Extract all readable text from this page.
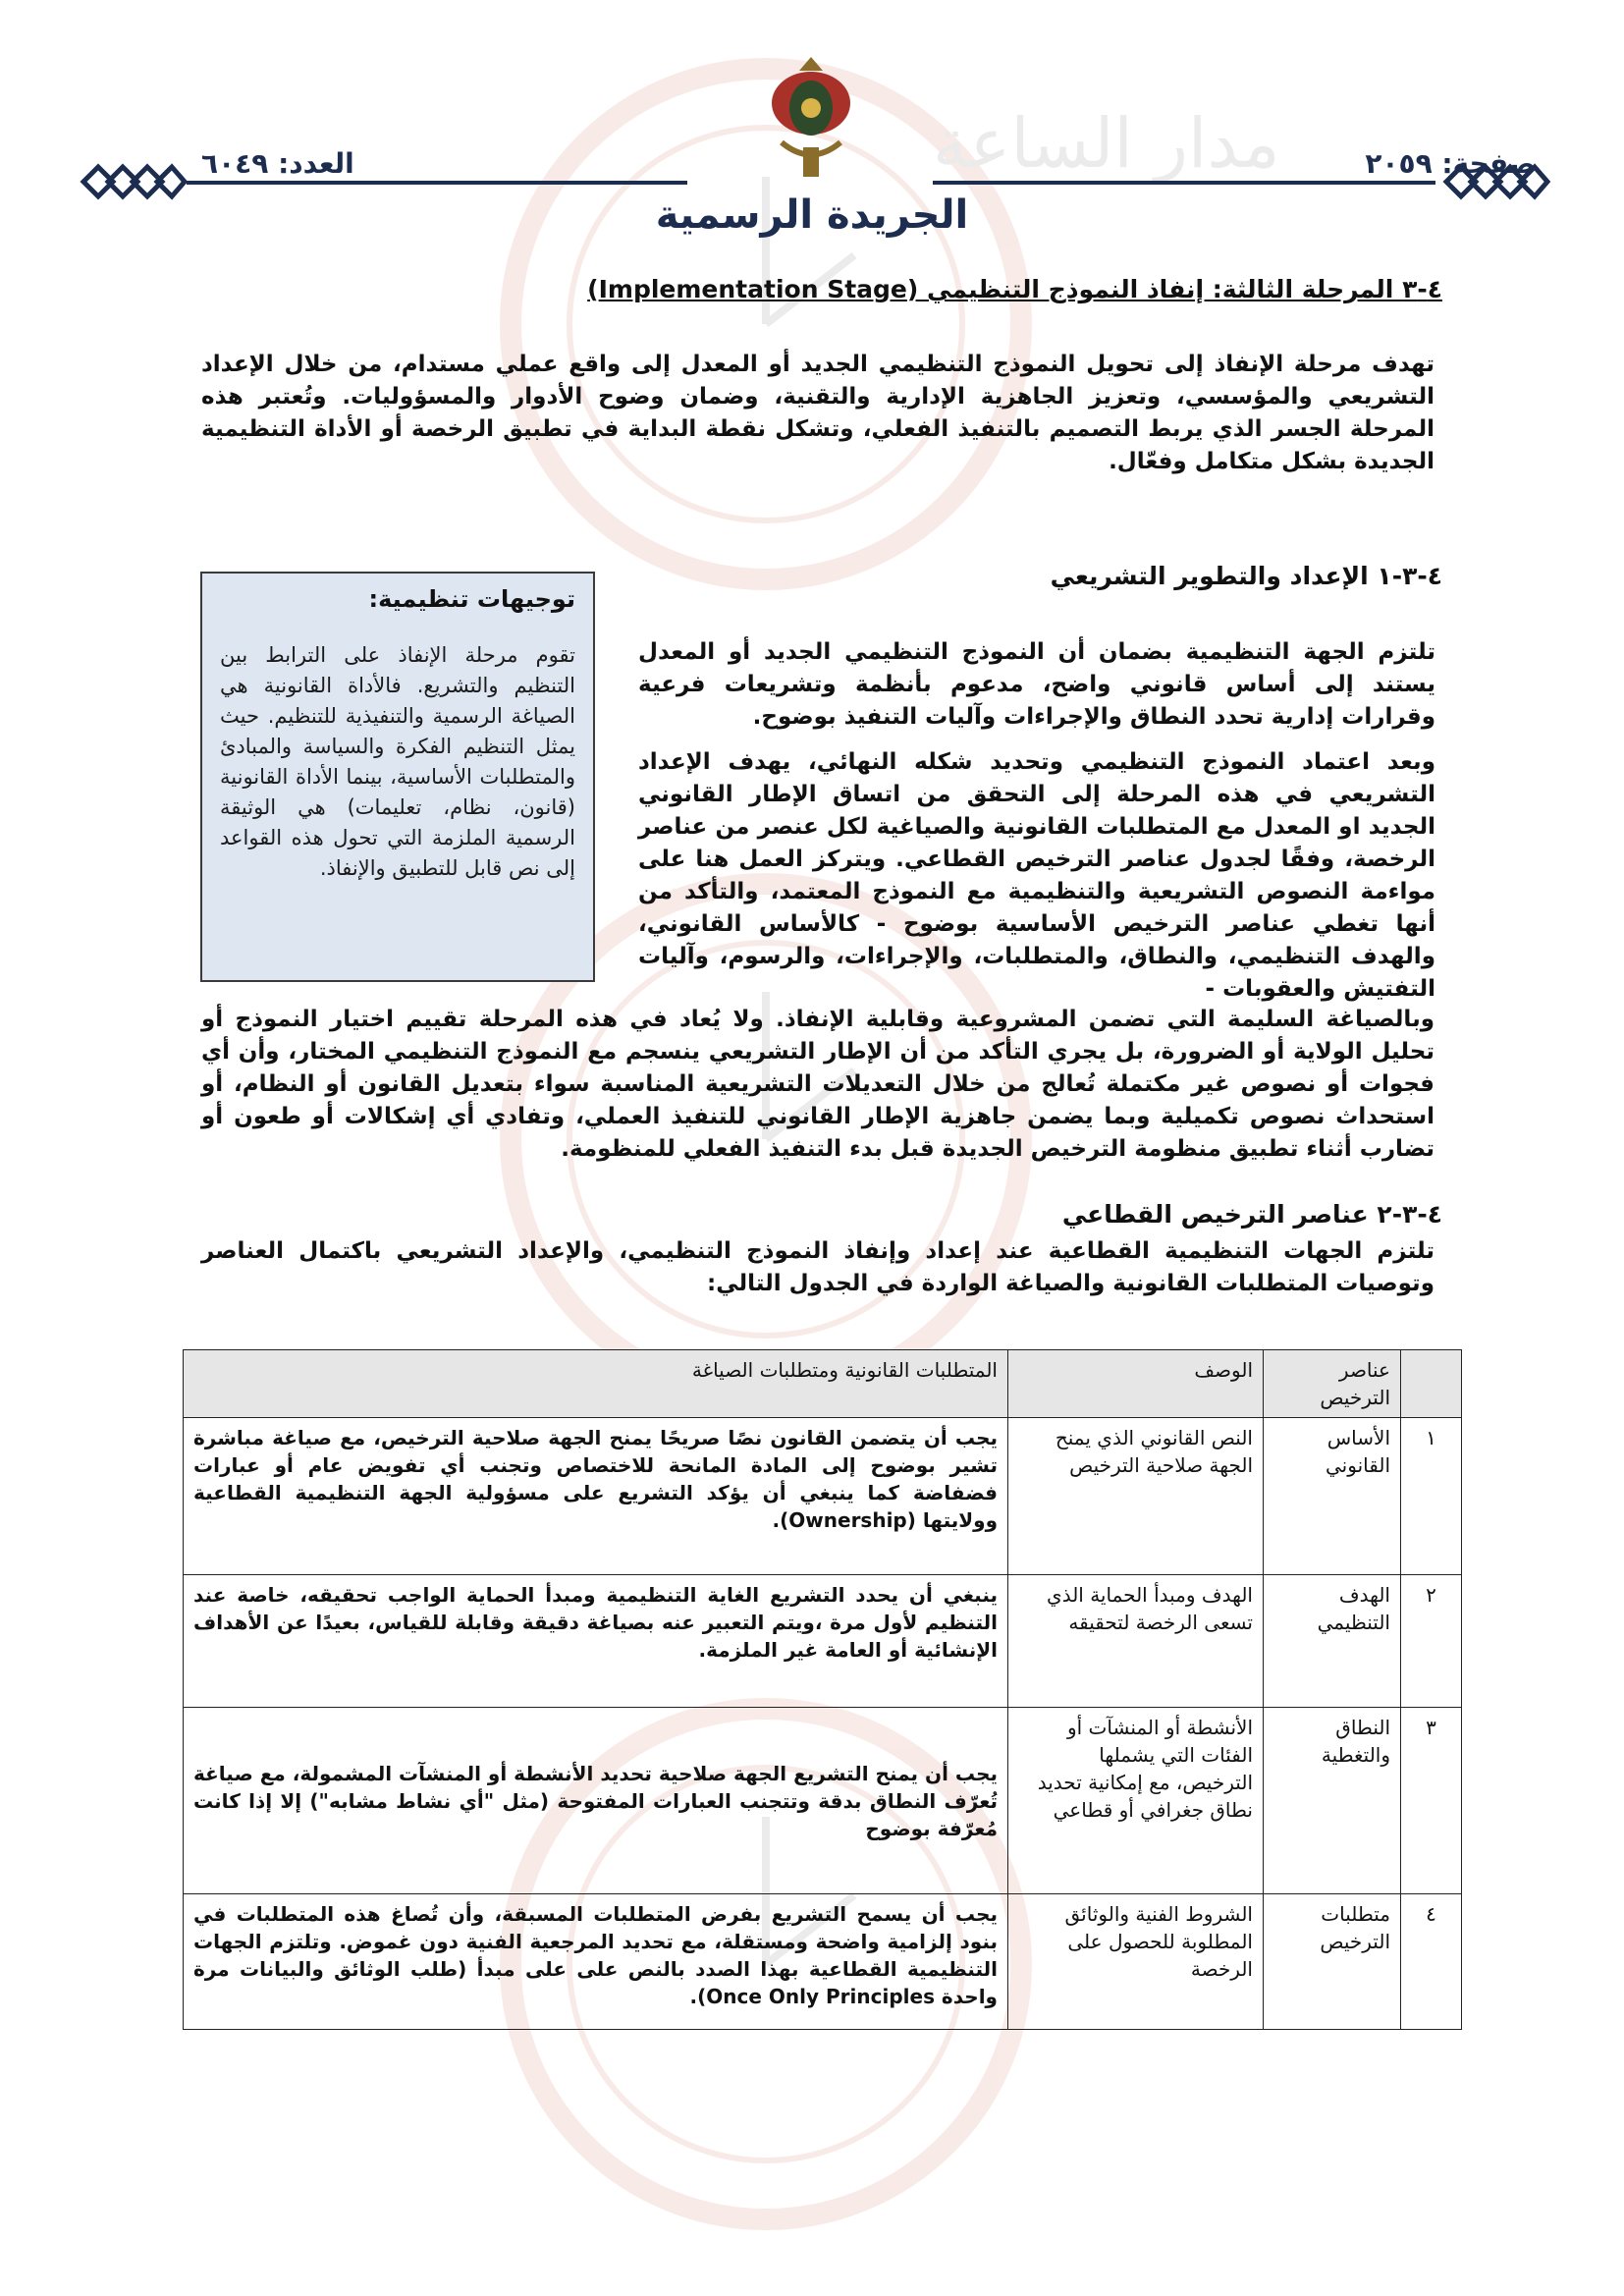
مدار الساعة	صفحة: ٢٠٥٩
العدد: ٦٠٤٩
الجريدة الرسمية
٤-٣ المرحلة الثالثة: إنفاذ النموذج التنظيمي (Implementation Stage)
تهدف مرحلة الإنفاذ إلى تحويل النموذج التنظيمي الجديد أو المعدل إلى واقع عملي مستدام، من خلال الإعداد التشريعي والمؤسسي، وتعزيز الجاهزية الإدارية والتقنية، وضمان وضوح الأدوار والمسؤوليات. وتُعتبر هذه المرحلة الجسر الذي يربط التصميم بالتنفيذ الفعلي، وتشكل نقطة البداية في تطبيق الرخصة أو الأداة التنظيمية الجديدة بشكل متكامل وفعّال.
٤-٣-١ الإعداد والتطوير التشريعي
توجيهات تنظيمية:
تقوم مرحلة الإنفاذ على الترابط بين التنظيم والتشريع. فالأداة القانونية هي الصياغة الرسمية والتنفيذية للتنظيم. حيث يمثل التنظيم الفكرة والسياسة والمبادئ والمتطلبات الأساسية، بينما الأداة القانونية (قانون، نظام، تعليمات) هي الوثيقة الرسمية الملزمة التي تحول هذه القواعد إلى نص قابل للتطبيق والإنفاذ.
تلتزم الجهة التنظيمية بضمان أن النموذج التنظيمي الجديد أو المعدل يستند إلى أساس قانوني واضح، مدعوم بأنظمة وتشريعات فرعية وقرارات إدارية تحدد النطاق والإجراءات وآليات التنفيذ بوضوح.
وبعد اعتماد النموذج التنظيمي وتحديد شكله النهائي، يهدف الإعداد التشريعي في هذه المرحلة إلى التحقق من اتساق الإطار القانوني الجديد او المعدل مع المتطلبات القانونية والصياغية لكل عنصر من عناصر الرخصة، وفقًا لجدول عناصر الترخيص القطاعي. ويتركز العمل هنا على مواءمة النصوص التشريعية والتنظيمية مع النموذج المعتمد، والتأكد من أنها تغطي عناصر الترخيص الأساسية بوضوح - كالأساس القانوني، والهدف التنظيمي، والنطاق، والمتطلبات، والإجراءات، والرسوم، وآليات التفتيش والعقوبات -
وبالصياغة السليمة التي تضمن المشروعية وقابلية الإنفاذ. ولا يُعاد في هذه المرحلة تقييم اختيار النموذج أو تحليل الولاية أو الضرورة، بل يجري التأكد من أن الإطار التشريعي ينسجم مع النموذج التنظيمي المختار، وأن أي فجوات أو نصوص غير مكتملة تُعالج من خلال التعديلات التشريعية المناسبة سواء بتعديل القانون أو النظام، أو استحداث نصوص تكميلية وبما يضمن جاهزية الإطار القانوني للتنفيذ العملي، وتفادي أي إشكالات أو طعون أو تضارب أثناء تطبيق منظومة الترخيص الجديدة قبل بدء التنفيذ الفعلي للمنظومة.
٤-٣-٢ عناصر الترخيص القطاعي
تلتزم الجهات التنظيمية القطاعية عند إعداد وإنفاذ النموذج التنظيمي، والإعداد التشريعي باكتمال العناصر وتوصيات المتطلبات القانونية والصياغة الواردة في الجدول التالي:
	عناصر الترخيص	الوصف	المتطلبات القانونية ومتطلبات الصياغة
١	الأساس القانوني	النص القانوني الذي يمنح الجهة صلاحية الترخيص	يجب أن يتضمن القانون نصًا صريحًا يمنح الجهة صلاحية الترخيص، مع صياغة مباشرة تشير بوضوح إلى المادة المانحة للاختصاص وتجنب أي تفويض عام أو عبارات فضفاضة كما ينبغي أن يؤكد التشريع على مسؤولية الجهة التنظيمية القطاعية وولايتها (Ownership).
٢	الهدف التنظيمي	الهدف ومبدأ الحماية الذي تسعى الرخصة لتحقيقه	ينبغي أن يحدد التشريع الغاية التنظيمية ومبدأ الحماية الواجب تحقيقه، خاصة عند التنظيم لأول مرة ،ويتم التعبير عنه بصياغة دقيقة وقابلة للقياس، بعيدًا عن الأهداف الإنشائية أو العامة غير الملزمة.
٣	النطاق والتغطية	الأنشطة أو المنشآت أو الفئات التي يشملها الترخيص، مع إمكانية تحديد نطاق جغرافي أو قطاعي	يجب أن يمنح التشريع الجهة صلاحية تحديد الأنشطة أو المنشآت المشمولة، مع صياغة تُعرّف النطاق بدقة وتتجنب العبارات المفتوحة (مثل "أي نشاط مشابه") إلا إذا كانت مُعرّفة بوضوح
٤	متطلبات الترخيص	الشروط الفنية والوثائق المطلوبة للحصول على الرخصة	يجب أن يسمح التشريع بفرض المتطلبات المسبقة، وأن تُصاغ هذه المتطلبات في بنود إلزامية واضحة ومستقلة، مع تحديد المرجعية الفنية دون غموض. وتلتزم الجهات التنظيمية القطاعية بهذا الصدد بالنص على على مبدأ (طلب الوثائق والبيانات مرة واحدة Once Only Principles).
